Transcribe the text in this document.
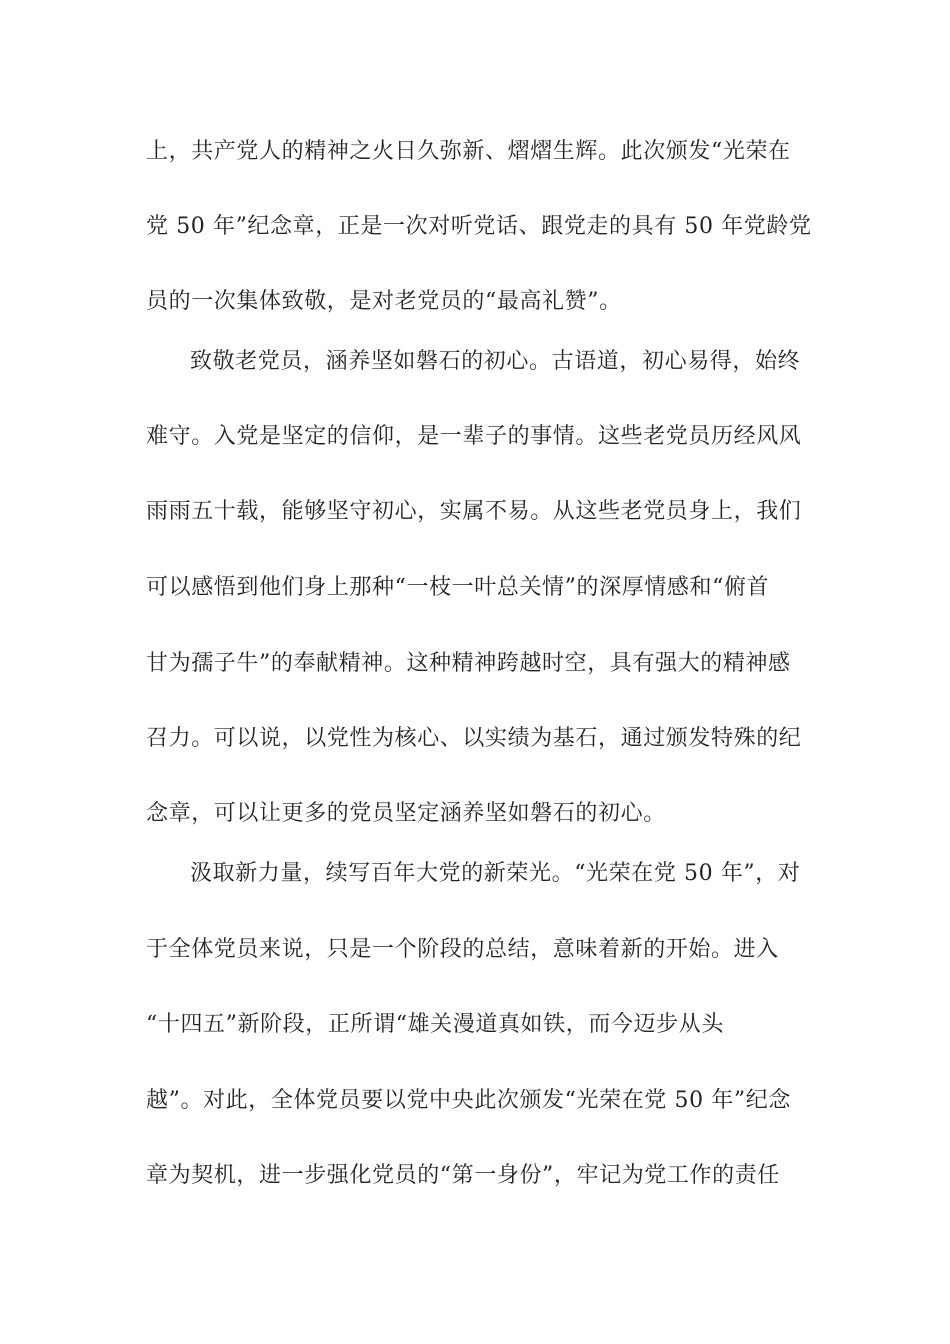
上，共产党人的精神之火日久弥新、熠熠生辉。此次颁发“光荣在
党 50 年”纪念章，正是一次对听党话、跟党走的具有 50 年党龄党
员的一次集体致敬，是对老党员的“最高礼赞”。
致敬老党员，涵养坚如磐石的初心。古语道，初心易得，始终
难守。入党是坚定的信仰，是一辈子的事情。这些老党员历经风风
雨雨五十载，能够坚守初心，实属不易。从这些老党员身上，我们
可以感悟到他们身上那种“一枝一叶总关情”的深厚情感和“俯首
甘为孺子牛”的奉献精神。这种精神跨越时空，具有强大的精神感
召力。可以说，以党性为核心、以实绩为基石，通过颁发特殊的纪
念章，可以让更多的党员坚定涵养坚如磐石的初心。
汲取新力量，续写百年大党的新荣光。“光荣在党 50 年”，对
于全体党员来说，只是一个阶段的总结，意味着新的开始。进入
“十四五”新阶段，正所谓“雄关漫道真如铁，而今迈步从头
越”。对此，全体党员要以党中央此次颁发“光荣在党 50 年”纪念
章为契机，进一步强化党员的“第一身份”，牢记为党工作的责任
